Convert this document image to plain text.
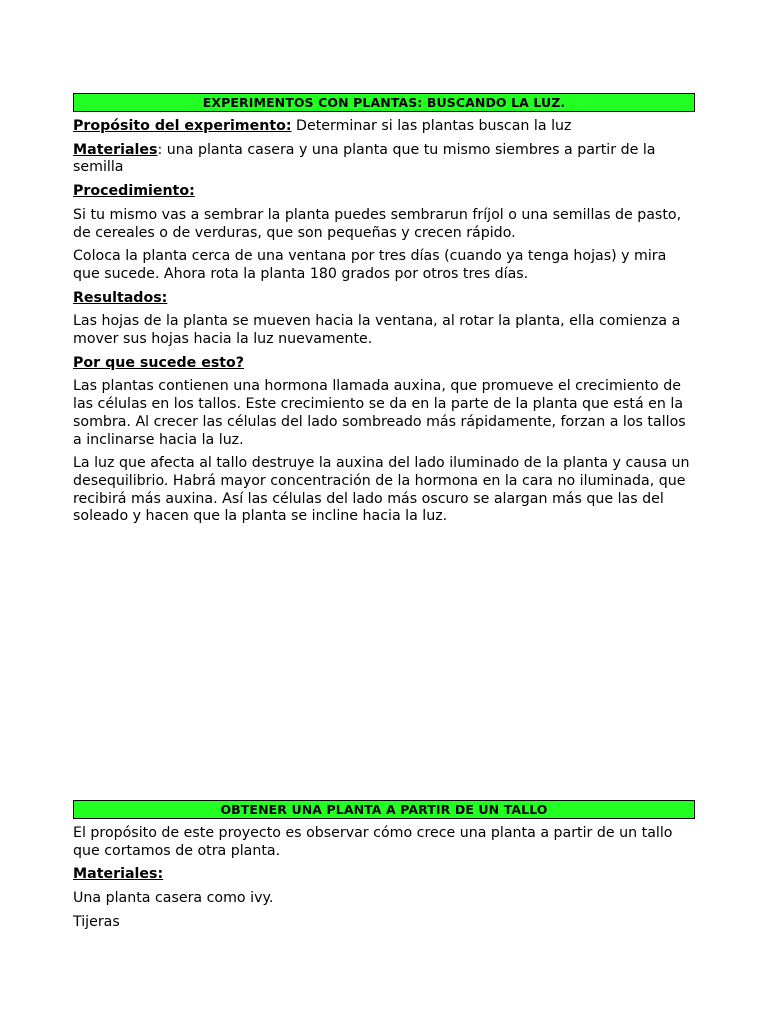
EXPERIMENTOS CON PLANTAS: BUSCANDO LA LUZ.

Propósito del experimento: Determinar si las plantas buscan la luz

Materiales: una planta casera y una planta que tu mismo siembres a partir de la semilla

Procedimiento:

Si tu mismo vas a sembrar la planta puedes sembrarun fríjol o una semillas de pasto, de cereales o de verduras, que son pequeñas y crecen rápido.

Coloca la planta cerca de una ventana por tres días (cuando ya tenga hojas) y mira que sucede. Ahora rota la planta 180 grados por otros tres días.

Resultados:

Las hojas de la planta se mueven hacia la ventana, al rotar la planta, ella comienza a mover sus hojas hacia la luz nuevamente.

Por que sucede esto?

Las plantas contienen una hormona llamada auxina, que promueve el crecimiento de las células en los tallos. Este crecimiento se da en la parte de la planta que está en la sombra. Al crecer las células del lado sombreado más rápidamente, forzan a los tallos a inclinarse hacia la luz.

La luz que afecta al tallo destruye la auxina del lado iluminado de la planta y causa un desequilibrio. Habrá mayor concentración de la hormona en la cara no iluminada, que recibirá más auxina. Así las células del lado más oscuro se alargan más que las del soleado y hacen que la planta se incline hacia la luz.

OBTENER UNA PLANTA A PARTIR DE UN TALLO

El propósito de este proyecto es observar cómo crece una planta a partir de un tallo que cortamos de otra planta.

Materiales:

Una planta casera como ivy.

Tijeras
